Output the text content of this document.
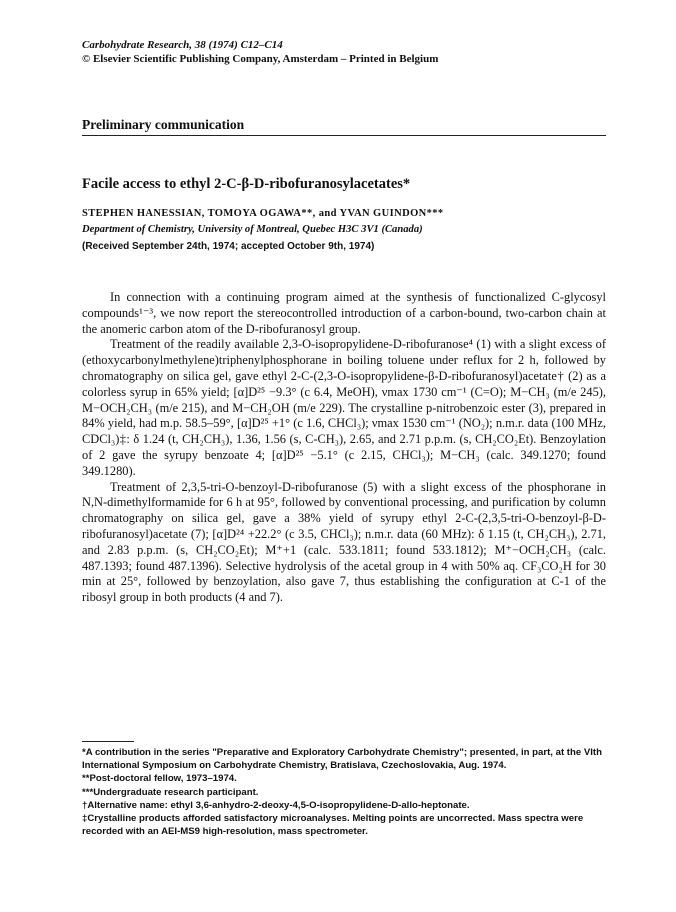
Carbohydrate Research, 38 (1974) C12–C14
© Elsevier Scientific Publishing Company, Amsterdam – Printed in Belgium
Preliminary communication
Facile access to ethyl 2-C-β-D-ribofuranosylacetates*
STEPHEN HANESSIAN, TOMOYA OGAWA**, and YVAN GUINDON***
Department of Chemistry, University of Montreal, Quebec H3C 3V1 (Canada)
(Received September 24th, 1974; accepted October 9th, 1974)

In connection with a continuing program aimed at the synthesis of functionalized C-glycosyl compounds¹⁻³, we now report the stereocontrolled introduction of a carbon-bound, two-carbon chain at the anomeric carbon atom of the D-ribofuranosyl group.

Treatment of the readily available 2,3-O-isopropylidene-D-ribofuranose⁴ (1) with a slight excess of (ethoxycarbonylmethylene)triphenylphosphorane in boiling toluene under reflux for 2 h, followed by chromatography on silica gel, gave ethyl 2-C-(2,3-O-isopropylidene-β-D-ribofuranosyl)acetate† (2) as a colorless syrup in 65% yield; [α]D²⁵ −9.3° (c 6.4, MeOH), νmax 1730 cm⁻¹ (C=O); M−CH₃ (m/e 245), M−OCH₂CH₃ (m/e 215), and M−CH₂OH (m/e 229). The crystalline p-nitrobenzoic ester (3), prepared in 84% yield, had m.p. 58.5–59°, [α]D²⁵ +1° (c 1.6, CHCl₃); νmax 1530 cm⁻¹ (NO₂); n.m.r. data (100 MHz, CDCl₃)‡: δ 1.24 (t, CH₂CH₃), 1.36, 1.56 (s, C-CH₃), 2.65, and 2.71 p.p.m. (s, CH₂CO₂Et). Benzoylation of 2 gave the syrupy benzoate 4; [α]D²⁵ −5.1° (c 2.15, CHCl₃); M−CH₃ (calc. 349.1270; found 349.1280).

Treatment of 2,3,5-tri-O-benzoyl-D-ribofuranose (5) with a slight excess of the phosphorane in N,N-dimethylformamide for 6 h at 95°, followed by conventional processing, and purification by column chromatography on silica gel, gave a 38% yield of syrupy ethyl 2-C-(2,3,5-tri-O-benzoyl-β-D-ribofuranosyl)acetate (7); [α]D²⁴ +22.2° (c 3.5, CHCl₃); n.m.r. data (60 MHz): δ 1.15 (t, CH₂CH₃), 2.71, and 2.83 p.p.m. (s, CH₂CO₂Et); M⁺+1 (calc. 533.1811; found 533.1812); M⁺−OCH₂CH₃ (calc. 487.1393; found 487.1396). Selective hydrolysis of the acetal group in 4 with 50% aq. CF₃CO₂H for 30 min at 25°, followed by benzoylation, also gave 7, thus establishing the configuration at C-1 of the ribosyl group in both products (4 and 7).

*A contribution in the series "Preparative and Exploratory Carbohydrate Chemistry"; presented, in part, at the VIth International Symposium on Carbohydrate Chemistry, Bratislava, Czechoslovakia, Aug. 1974.
**Post-doctoral fellow, 1973–1974.
***Undergraduate research participant.
†Alternative name: ethyl 3,6-anhydro-2-deoxy-4,5-O-isopropylidene-D-allo-heptonate.
‡Crystalline products afforded satisfactory microanalyses. Melting points are uncorrected. Mass spectra were recorded with an AEI-MS9 high-resolution, mass spectrometer.
